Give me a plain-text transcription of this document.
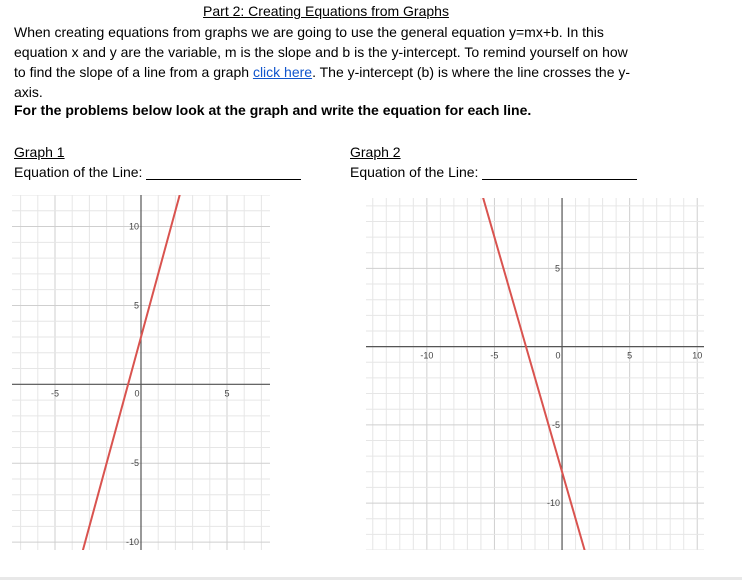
Part 2: Creating Equations from Graphs
When creating equations from graphs we are going to use the general equation y=mx+b. In this equation x and y are the variable, m is the slope and b is the y-intercept. To remind yourself on how to find the slope of a line from a graph click here. The y-intercept (b) is where the line crosses the y-axis.
For the problems below look at the graph and write the equation for each line.
Graph 1
Equation of the Line:
Graph 2
Equation of the Line:
-5	0	5
-10
-5
5
10
-10	-5	0	5	10
-10
-5
5
